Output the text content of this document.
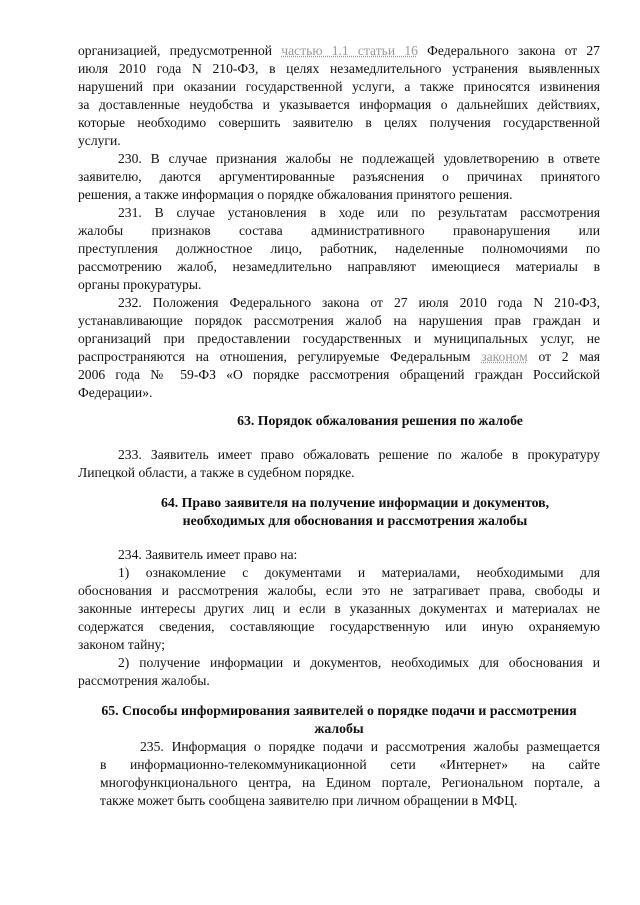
организацией, предусмотренной частью 1.1 статьи 16 Федерального закона от 27
июля 2010 года N 210-ФЗ, в целях незамедлительного устранения выявленных
нарушений при оказании государственной услуги, а также приносятся извинения
за доставленные неудобства и указывается информация о дальнейших действиях,
которые необходимо совершить заявителю в целях получения государственной
услуги.
230. В случае признания жалобы не подлежащей удовлетворению в ответе
заявителю, даются аргументированные разъяснения о причинах принятого
решения, а также информация о порядке обжалования принятого решения.
231. В случае установления в ходе или по результатам рассмотрения
жалобы признаков состава административного правонарушения или
преступления должностное лицо, работник, наделенные полномочиями по
рассмотрению жалоб, незамедлительно направляют имеющиеся материалы в
органы прокуратуры.
232. Положения Федерального закона от 27 июля 2010 года N 210-ФЗ,
устанавливающие порядок рассмотрения жалоб на нарушения прав граждан и
организаций при предоставлении государственных и муниципальных услуг, не
распространяются на отношения, регулируемые Федеральным законом от 2 мая
2006 года № 59-ФЗ «О порядке рассмотрения обращений граждан Российской
Федерации».
63. Порядок обжалования решения по жалобе
233. Заявитель имеет право обжаловать решение по жалобе в прокуратуру
Липецкой области, а также в судебном порядке.
64. Право заявителя на получение информации и документов,
необходимых для обоснования и рассмотрения жалобы
234. Заявитель имеет право на:
1) ознакомление с документами и материалами, необходимыми для
обоснования и рассмотрения жалобы, если это не затрагивает права, свободы и
законные интересы других лиц и если в указанных документах и материалах не
содержатся сведения, составляющие государственную или иную охраняемую
законом тайну;
2) получение информации и документов, необходимых для обоснования и
рассмотрения жалобы.
65. Способы информирования заявителей о порядке подачи и рассмотрения
жалобы
235. Информация о порядке подачи и рассмотрения жалобы размещается
в информационно-телекоммуникационной сети «Интернет» на сайте
многофункционального центра, на Едином портале, Региональном портале, а
также может быть сообщена заявителю при личном обращении в МФЦ.
